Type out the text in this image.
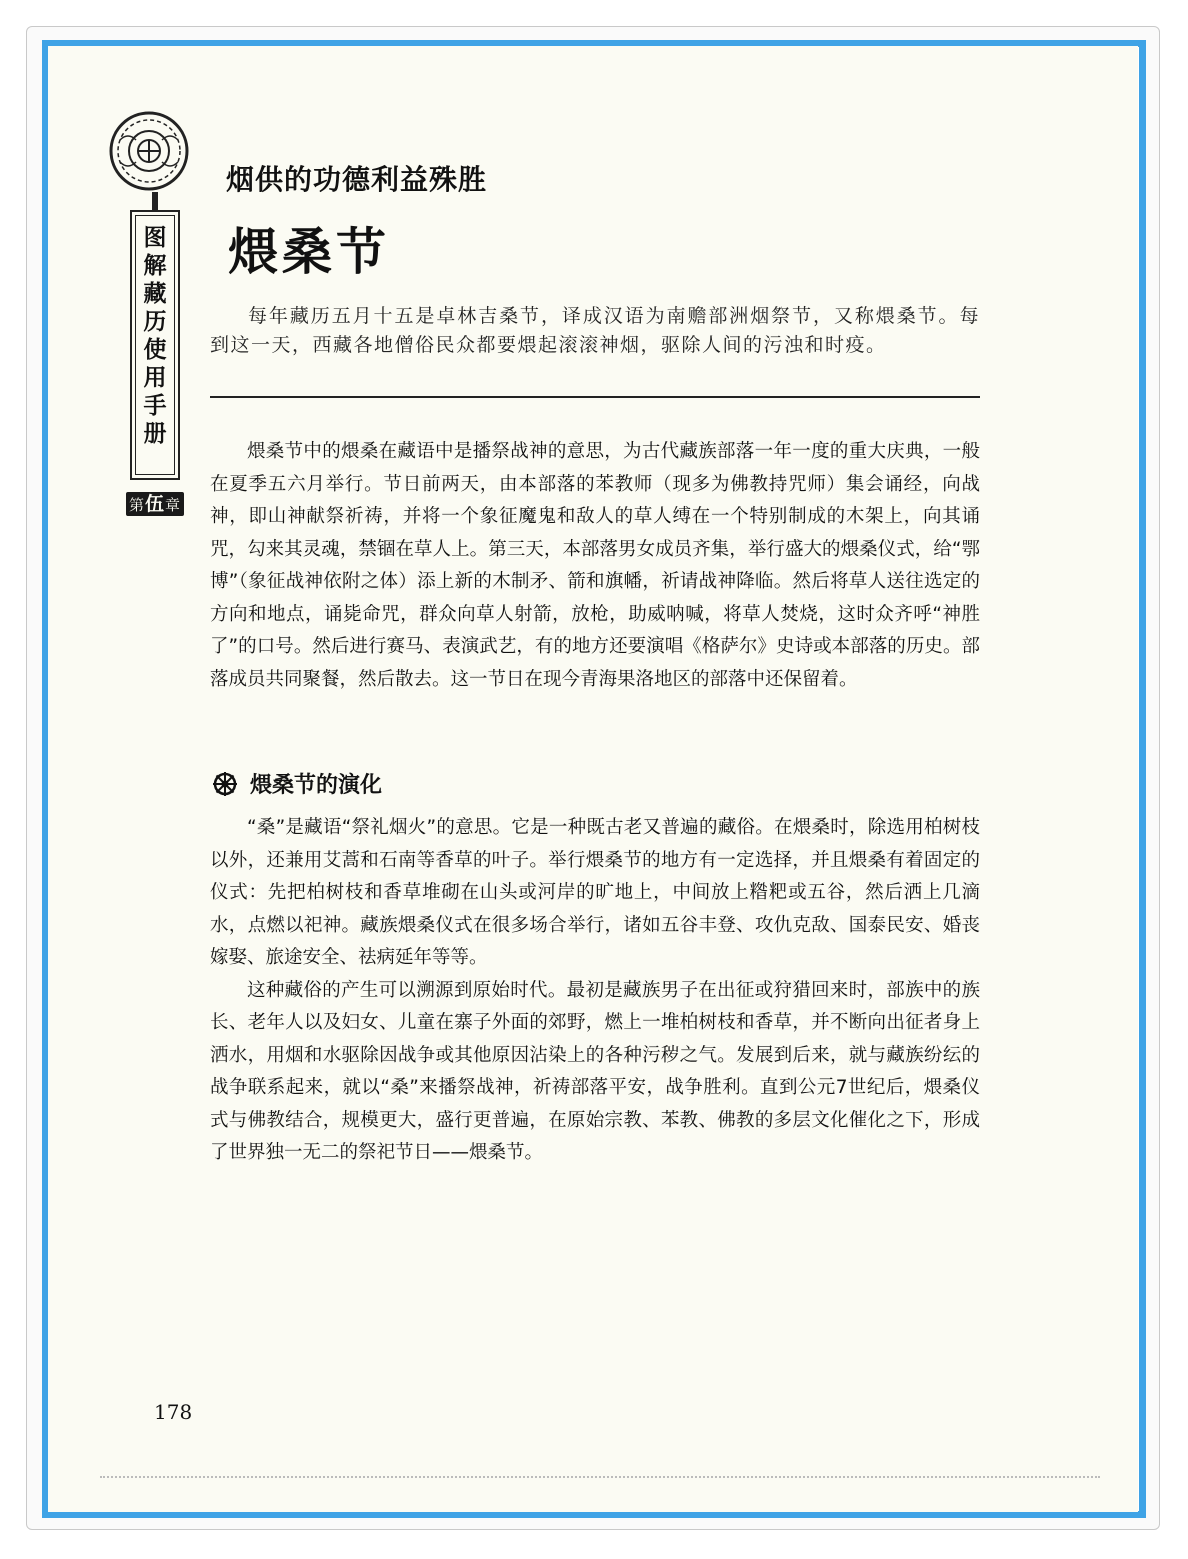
图解藏历使用手册
第伍章
烟供的功德利益殊胜
煨桑节
每年藏历五月十五是卓林吉桑节，译成汉语为南赡部洲烟祭节，又称煨桑节。每到这一天，西藏各地僧俗民众都要煨起滚滚神烟，驱除人间的污浊和时疫。

煨桑节中的煨桑在藏语中是播祭战神的意思，为古代藏族部落一年一度的重大庆典，一般在夏季五六月举行。节日前两天，由本部落的苯教师（现多为佛教持咒师）集会诵经，向战神，即山神献祭祈祷，并将一个象征魔鬼和敌人的草人缚在一个特别制成的木架上，向其诵咒，勾来其灵魂，禁锢在草人上。第三天，本部落男女成员齐集，举行盛大的煨桑仪式，给“鄂博”（象征战神依附之体）添上新的木制矛、箭和旗幡，祈请战神降临。然后将草人送往选定的方向和地点，诵毙命咒，群众向草人射箭，放枪，助威呐喊，将草人焚烧，这时众齐呼“神胜了”的口号。然后进行赛马、表演武艺，有的地方还要演唱《格萨尔》史诗或本部落的历史。部落成员共同聚餐，然后散去。这一节日在现今青海果洛地区的部落中还保留着。

煨桑节的演化

“桑”是藏语“祭礼烟火”的意思。它是一种既古老又普遍的藏俗。在煨桑时，除选用柏树枝以外，还兼用艾蒿和石南等香草的叶子。举行煨桑节的地方有一定选择，并且煨桑有着固定的仪式：先把柏树枝和香草堆砌在山头或河岸的旷地上，中间放上糌粑或五谷，然后洒上几滴水，点燃以祀神。藏族煨桑仪式在很多场合举行，诸如五谷丰登、攻仇克敌、国泰民安、婚丧嫁娶、旅途安全、祛病延年等等。

这种藏俗的产生可以溯源到原始时代。最初是藏族男子在出征或狩猎回来时，部族中的族长、老年人以及妇女、儿童在寨子外面的郊野，燃上一堆柏树枝和香草，并不断向出征者身上洒水，用烟和水驱除因战争或其他原因沾染上的各种污秽之气。发展到后来，就与藏族纷纭的战争联系起来，就以“桑”来播祭战神，祈祷部落平安，战争胜利。直到公元7世纪后，煨桑仪式与佛教结合，规模更大，盛行更普遍，在原始宗教、苯教、佛教的多层文化催化之下，形成了世界独一无二的祭祀节日——煨桑节。

178
